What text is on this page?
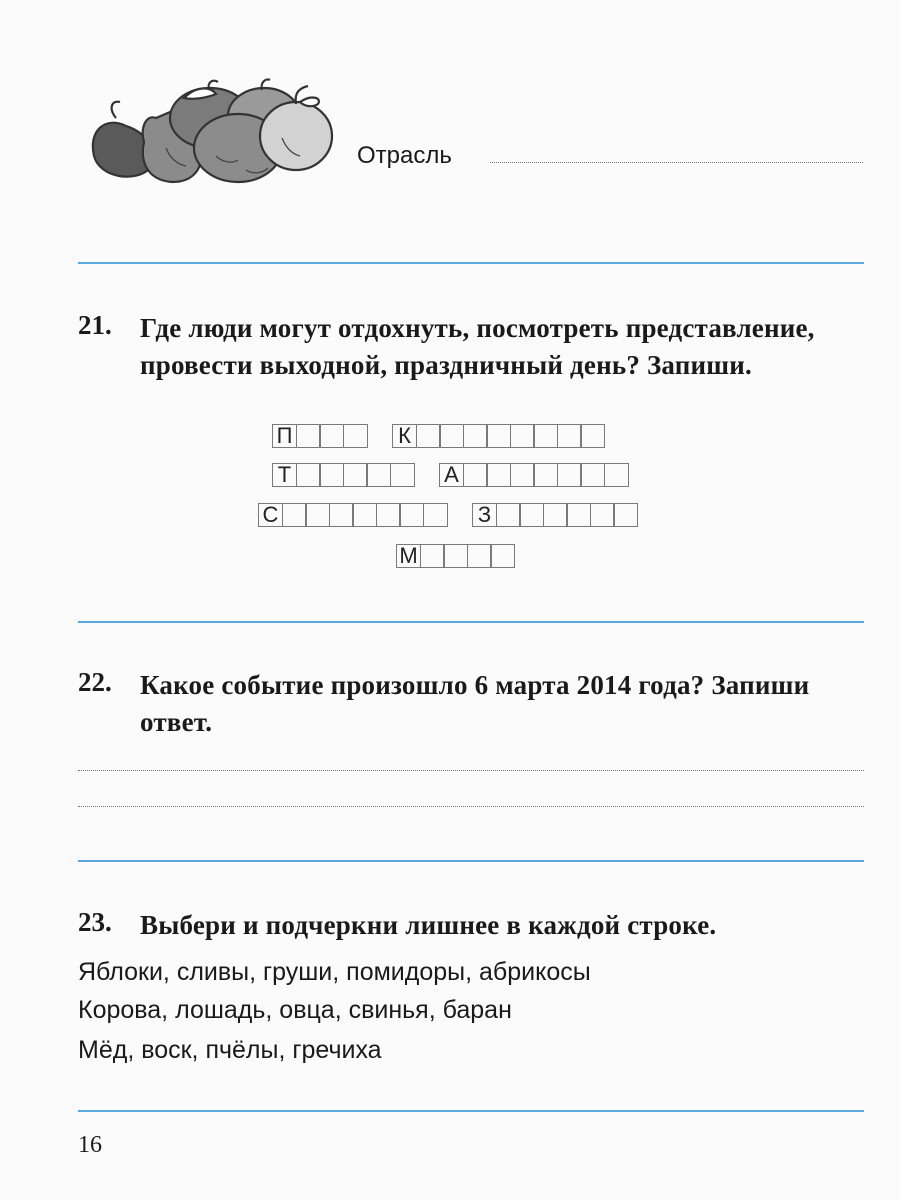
Отрасль
21. Где люди могут отдохнуть, посмотреть представление, провести выходной, праздничный день? Запиши.
П	К
Т	А
С	З
М
22. Какое событие произошло 6 марта 2014 года? Запиши ответ.
23. Выбери и подчеркни лишнее в каждой строке.
Яблоки, сливы, груши, помидоры, абрикосы
Корова, лошадь, овца, свинья, баран
Мёд, воск, пчёлы, гречиха
16
